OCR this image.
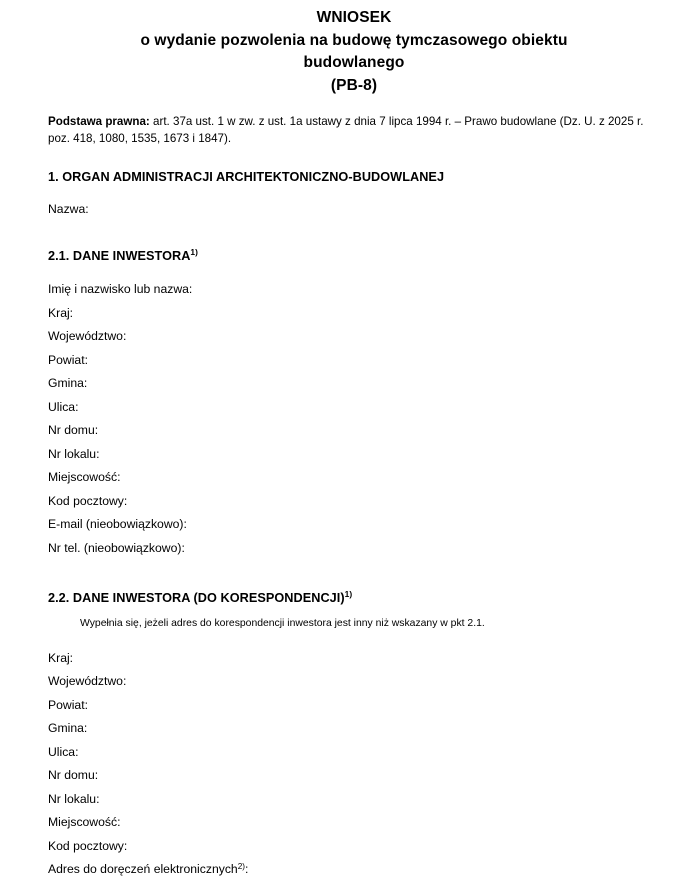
WNIOSEK
o wydanie pozwolenia na budowę tymczasowego obiektu
budowlanego
(PB-8)

Podstawa prawna: art. 37a ust. 1 w zw. z ust. 1a ustawy z dnia 7 lipca 1994 r. – Prawo budowlane (Dz. U. z 2025 r. poz. 418, 1080, 1535, 1673 i 1847).

1. ORGAN ADMINISTRACJI ARCHITEKTONICZNO-BUDOWLANEJ
Nazwa:
2.1. DANE INWESTORA$^{1)}$
Imię i nazwisko lub nazwa:
Kraj:
Województwo:
Powiat:
Gmina:
Ulica:
Nr domu:
Nr lokalu:
Miejscowość:
Kod pocztowy:
E-mail (nieobowiązkowo):
Nr tel. (nieobowiązkowo):
2.2. DANE INWESTORA (DO KORESPONDENCJI)$^{1)}$

Wypełnia się, jeżeli adres do korespondencji inwestora jest inny niż wskazany w pkt 2.1.

Kraj:
Województwo:
Powiat:
Gmina:
Ulica:
Nr domu:
Nr lokalu:
Miejscowość:
Kod pocztowy:
Adres do doręczeń elektronicznych$^{2)}$:
